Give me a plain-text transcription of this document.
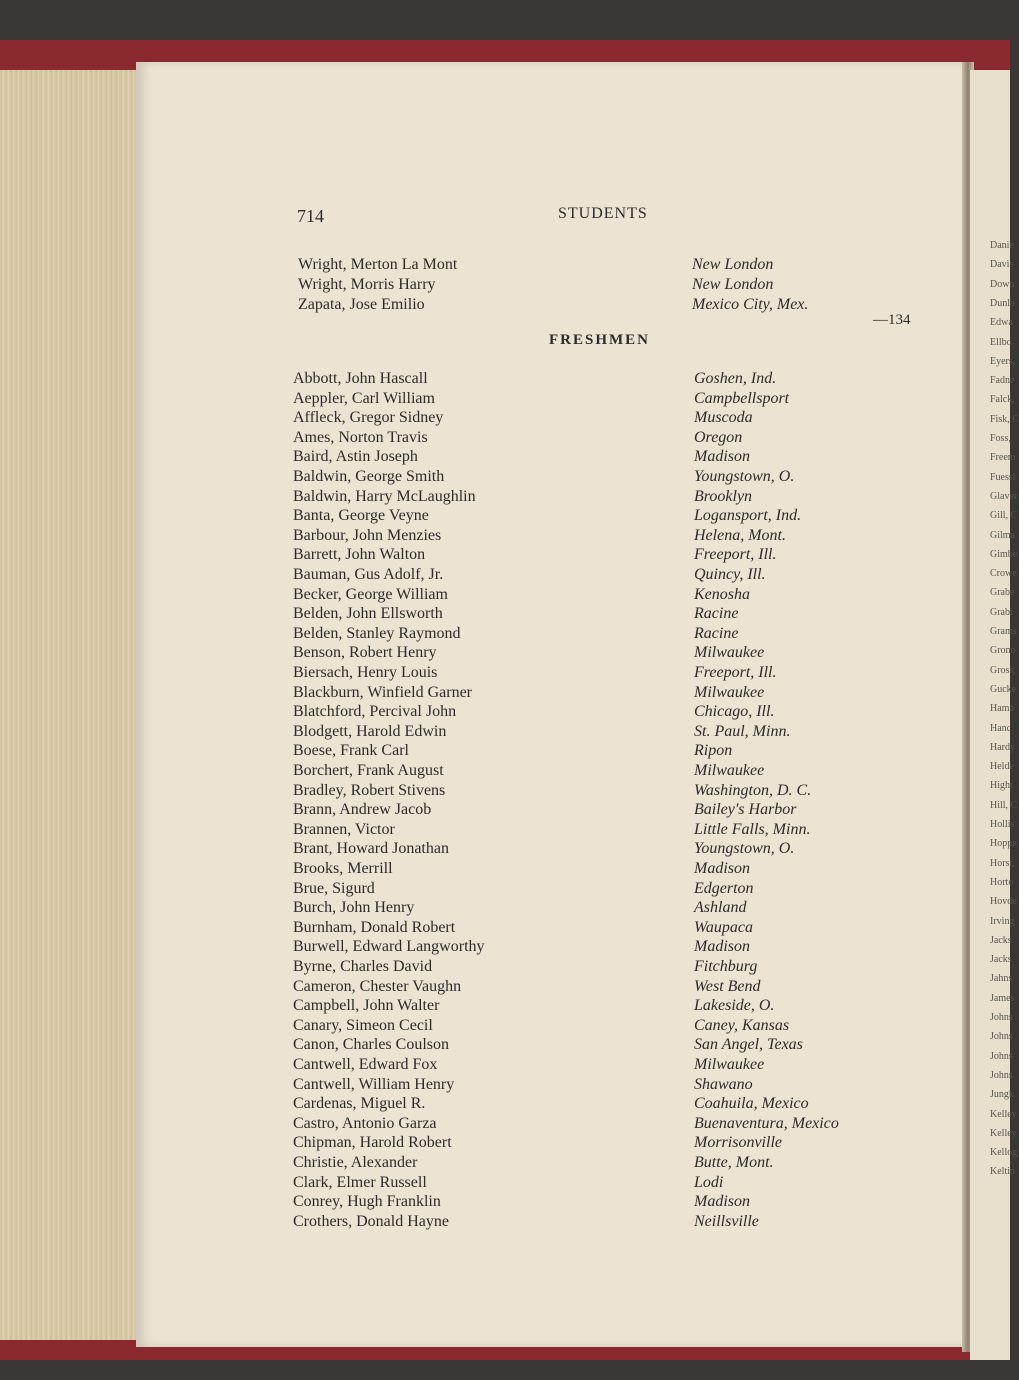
Danie
Davis
Down
Dunlo
Edwa
Ellbo
Eyers,
Fadne
Falck,
Fisk, C
Foss,
Freem
Fuessl
Glaver
Gill, C
Gilma
Gimbe
Crowe
Grabe
Grabi
Grams
Grono
Gross,
Gucke
Hama
Hanc
Hardy
Helde
Hight
Hill, C
Hollis
Hoppe
Horst,
Horto
Hovde
Irving
Jacks
Jacks
Jahns
James
Johns
Johns
Johns
Johns
Jungk
Kelley
Kelley
Kellog
Keltin
714	STUDENTS
FRESHMEN
—134
Wright, Merton La Mont	New London
Wright, Morris Harry	New London
Zapata, Jose Emilio	Mexico City, Mex.
Abbott, John Hascall	Goshen, Ind.
Aeppler, Carl William	Campbellsport
Affleck, Gregor Sidney	Muscoda
Ames, Norton Travis	Oregon
Baird, Astin Joseph	Madison
Baldwin, George Smith	Youngstown, O.
Baldwin, Harry McLaughlin	Brooklyn
Banta, George Veyne	Logansport, Ind.
Barbour, John Menzies	Helena, Mont.
Barrett, John Walton	Freeport, Ill.
Bauman, Gus Adolf, Jr.	Quincy, Ill.
Becker, George William	Kenosha
Belden, John Ellsworth	Racine
Belden, Stanley Raymond	Racine
Benson, Robert Henry	Milwaukee
Biersach, Henry Louis	Freeport, Ill.
Blackburn, Winfield Garner	Milwaukee
Blatchford, Percival John	Chicago, Ill.
Blodgett, Harold Edwin	St. Paul, Minn.
Boese, Frank Carl	Ripon
Borchert, Frank August	Milwaukee
Bradley, Robert Stivens	Washington, D. C.
Brann, Andrew Jacob	Bailey's Harbor
Brannen, Victor	Little Falls, Minn.
Brant, Howard Jonathan	Youngstown, O.
Brooks, Merrill	Madison
Brue, Sigurd	Edgerton
Burch, John Henry	Ashland
Burnham, Donald Robert	Waupaca
Burwell, Edward Langworthy	Madison
Byrne, Charles David	Fitchburg
Cameron, Chester Vaughn	West Bend
Campbell, John Walter	Lakeside, O.
Canary, Simeon Cecil	Caney, Kansas
Canon, Charles Coulson	San Angel, Texas
Cantwell, Edward Fox	Milwaukee
Cantwell, William Henry	Shawano
Cardenas, Miguel R.	Coahuila, Mexico
Castro, Antonio Garza	Buenaventura, Mexico
Chipman, Harold Robert	Morrisonville
Christie, Alexander	Butte, Mont.
Clark, Elmer Russell	Lodi
Conrey, Hugh Franklin	Madison
Crothers, Donald Hayne	Neillsville
